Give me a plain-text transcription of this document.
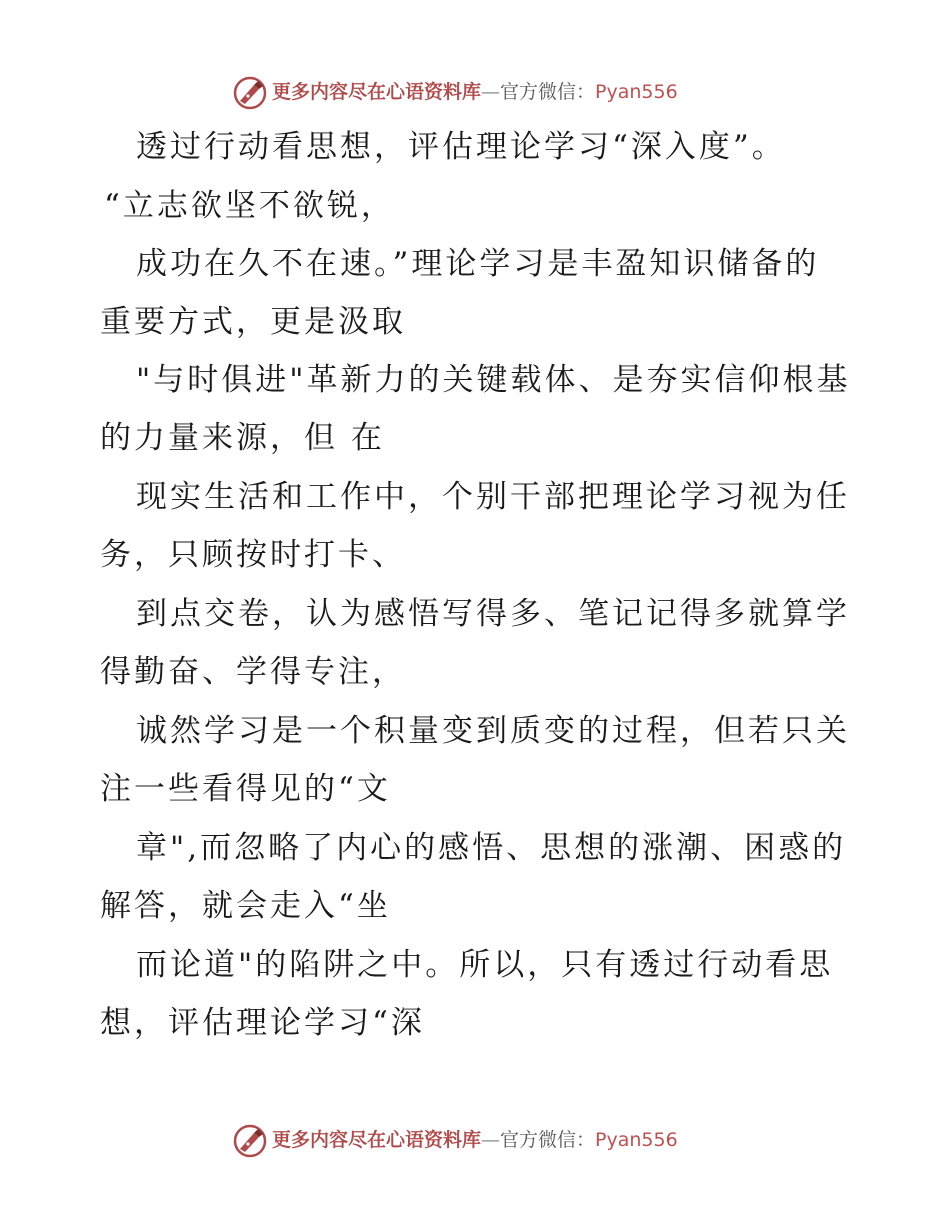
更多内容尽在心语资料库—官方微信：Pyan556
透过行动看思想，评估理论学习“深入度”。
“立志欲坚不欲锐，
成功在久不在速。”理论学习是丰盈知识储备的
重要方式，更是汲取
"与时俱进"革新力的关键载体、是夯实信仰根基
的力量来源，但 在
现实生活和工作中，个别干部把理论学习视为任
务，只顾按时打卡、
到点交卷，认为感悟写得多、笔记记得多就算学
得勤奋、学得专注，
诚然学习是一个积量变到质变的过程，但若只关
注一些看得见的“文
章",而忽略了内心的感悟、思想的涨潮、困惑的
解答，就会走入“坐
而论道"的陷阱之中。所以，只有透过行动看思
想，评估理论学习“深
更多内容尽在心语资料库—官方微信：Pyan556
